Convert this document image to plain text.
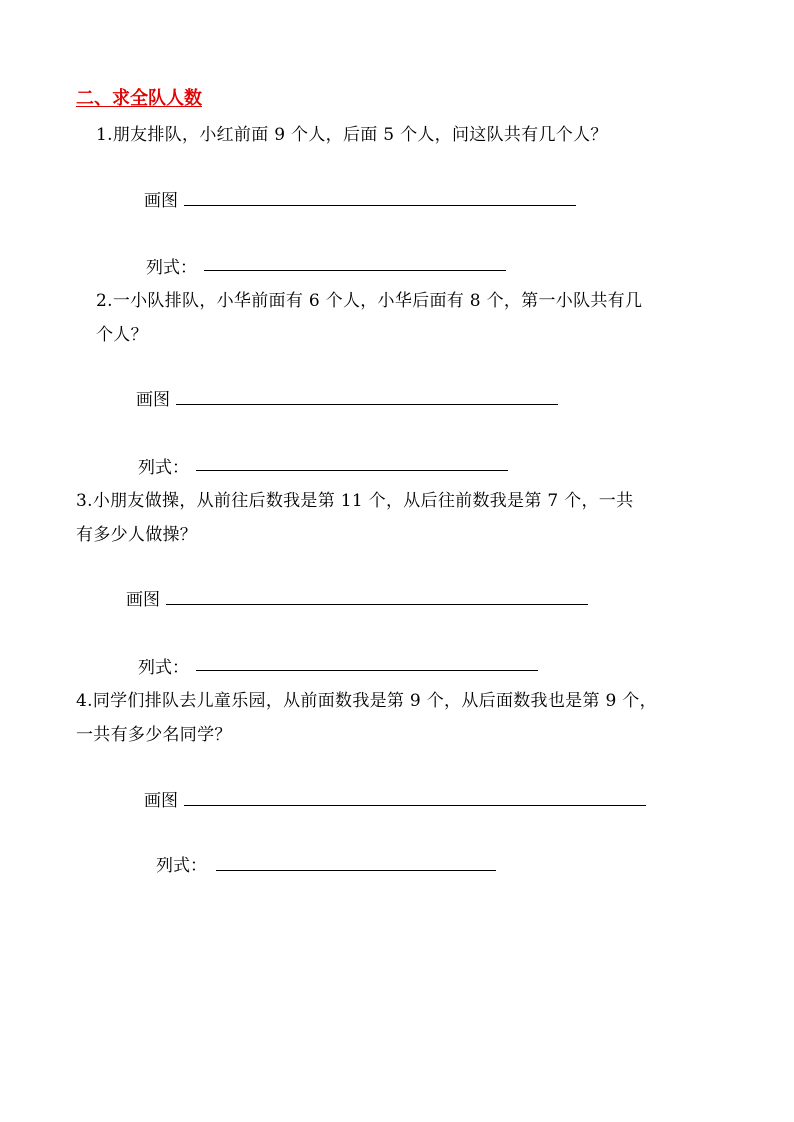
二、求全队人数
1.朋友排队，小红前面 9 个人，后面 5 个人，问这队共有几个人？
画图
列式：
2.一小队排队，小华前面有 6 个人，小华后面有 8 个，第一小队共有几
个人？
画图
列式：
3.小朋友做操，从前往后数我是第 11 个，从后往前数我是第 7 个，一共
有多少人做操？
画图
列式：
4.同学们排队去儿童乐园，从前面数我是第 9 个，从后面数我也是第 9 个，
一共有多少名同学？
画图
列式：
